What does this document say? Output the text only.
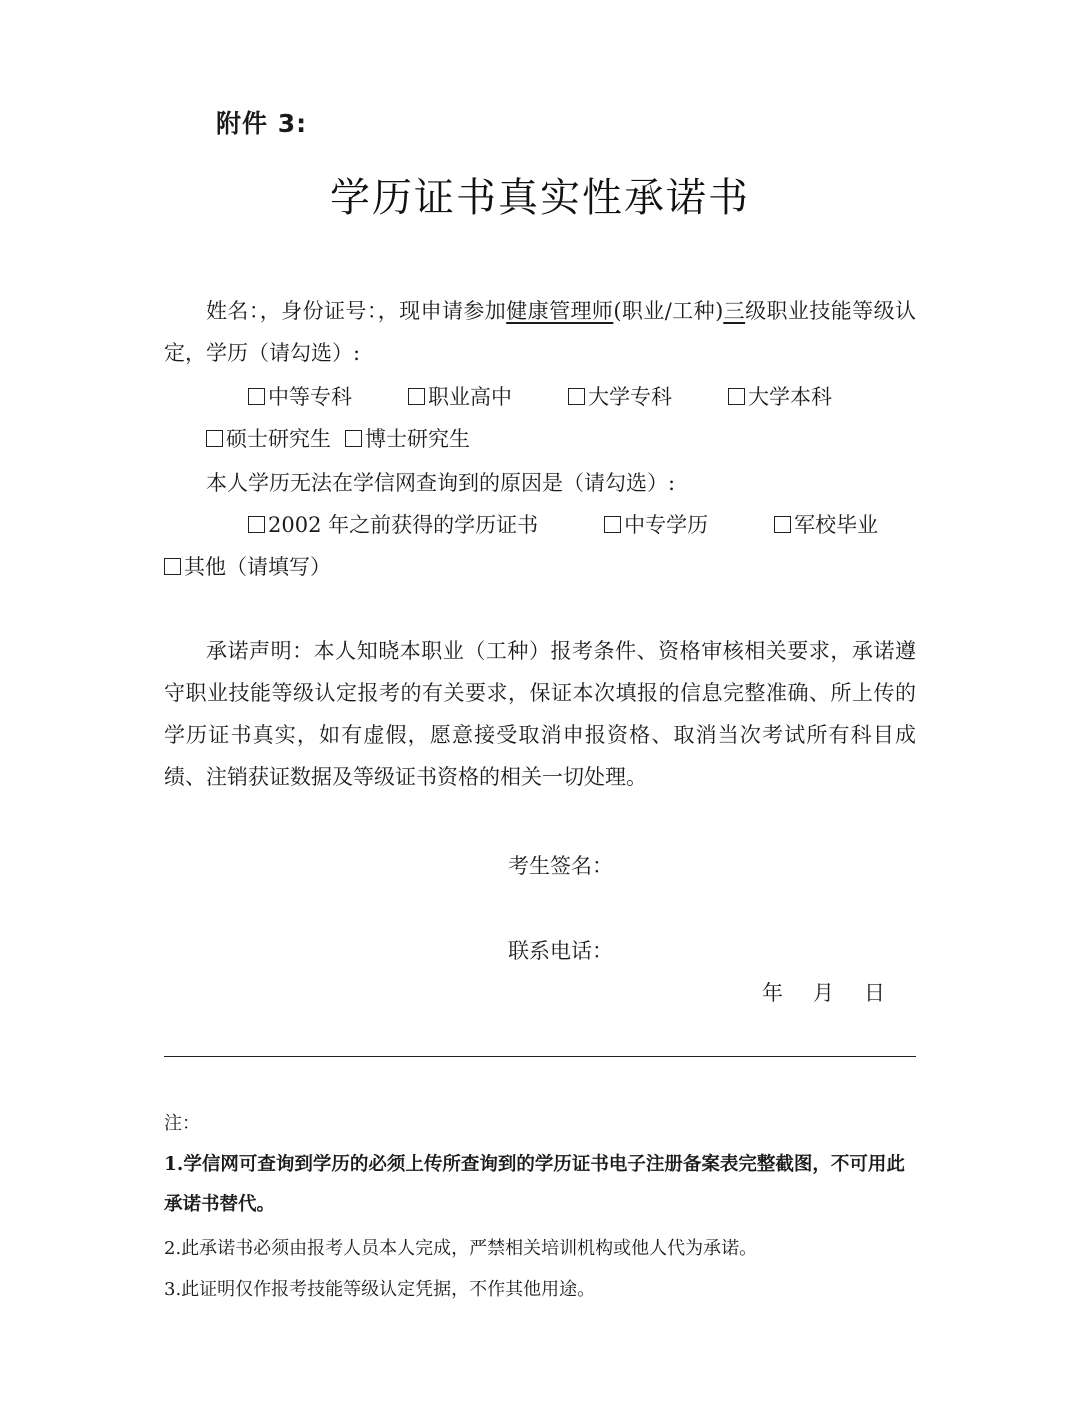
附件 3:
学历证书真实性承诺书
姓名：，身份证号：，现申请参加健康管理师(职业/工种)三级职业技能等级认定，学历（请勾选）:
中等专科	职业高中	大学专科	大学本科硕士研究生 博士研究生
本人学历无法在学信网查询到的原因是（请勾选）:
2002 年之前获得的学历证书	中专学历	军校毕业其他（请填写）
承诺声明：本人知晓本职业（工种）报考条件、资格审核相关要求，承诺遵守职业技能等级认定报考的有关要求，保证本次填报的信息完整准确、所上传的学历证书真实，如有虚假，愿意接受取消申报资格、取消当次考试所有科目成绩、注销获证数据及等级证书资格的相关一切处理。
考生签名：
联系电话：
年 月 日
注：
1.学信网可查询到学历的必须上传所查询到的学历证书电子注册备案表完整截图，不可用此承诺书替代。
2.此承诺书必须由报考人员本人完成，严禁相关培训机构或他人代为承诺。
3.此证明仅作报考技能等级认定凭据，不作其他用途。
